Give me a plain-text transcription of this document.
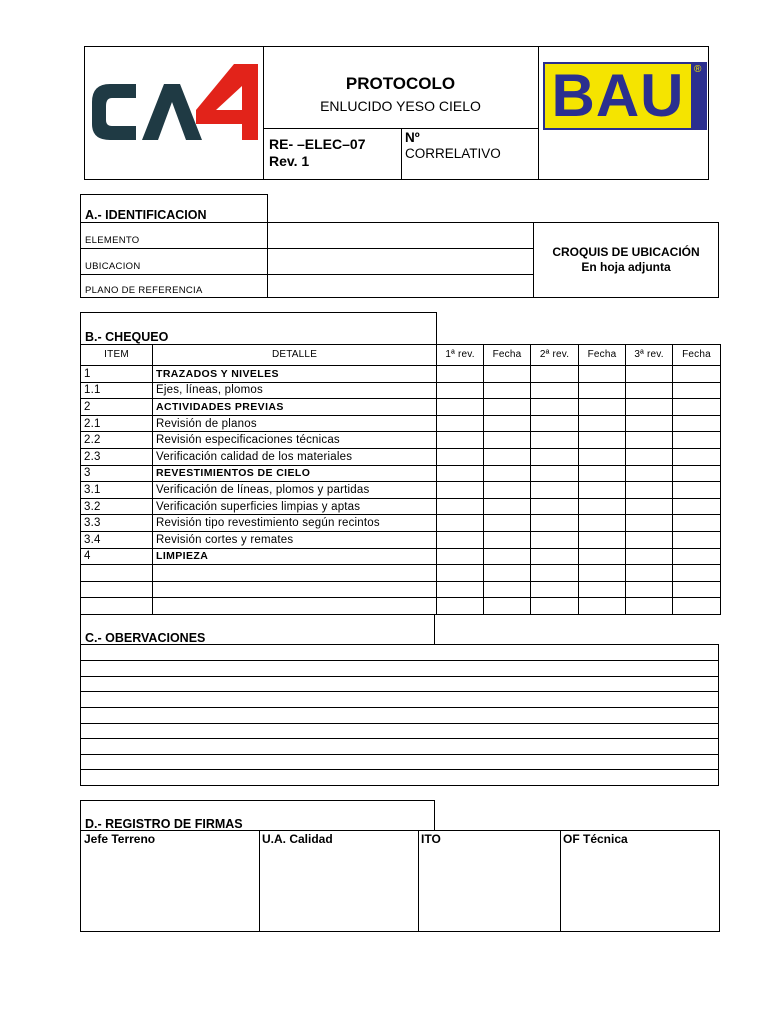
PROTOCOLO
ENLUCIDO YESO CIELO
RE- –ELEC–07
Rev. 1
Nº
CORRELATIVO
BAU ®
A.- IDENTIFICACION
ELEMENTO
UBICACION
PLANO DE REFERENCIA
CROQUIS DE UBICACIÓN
En hoja adjunta
B.- CHEQUEO
ITEM	DETALLE	1ª rev.	Fecha	2ª rev.	Fecha	3ª rev.	Fecha
1	TRAZADOS Y NIVELES						
1.1	Ejes, líneas, plomos						
2	ACTIVIDADES PREVIAS						
2.1	Revisión de planos						
2.2	Revisión especificaciones técnicas						
2.3	Verificación calidad de los materiales						
3	REVESTIMIENTOS DE CIELO						
3.1	Verificación de líneas, plomos y partidas						
3.2	Verificación superficies limpias y aptas						
3.3	Revisión tipo revestimiento según recintos						
3.4	Revisión cortes y remates						
4	LIMPIEZA						

C.- OBERVACIONES
D.- REGISTRO DE FIRMAS
Jefe Terreno	U.A. Calidad	ITO	OF Técnica
